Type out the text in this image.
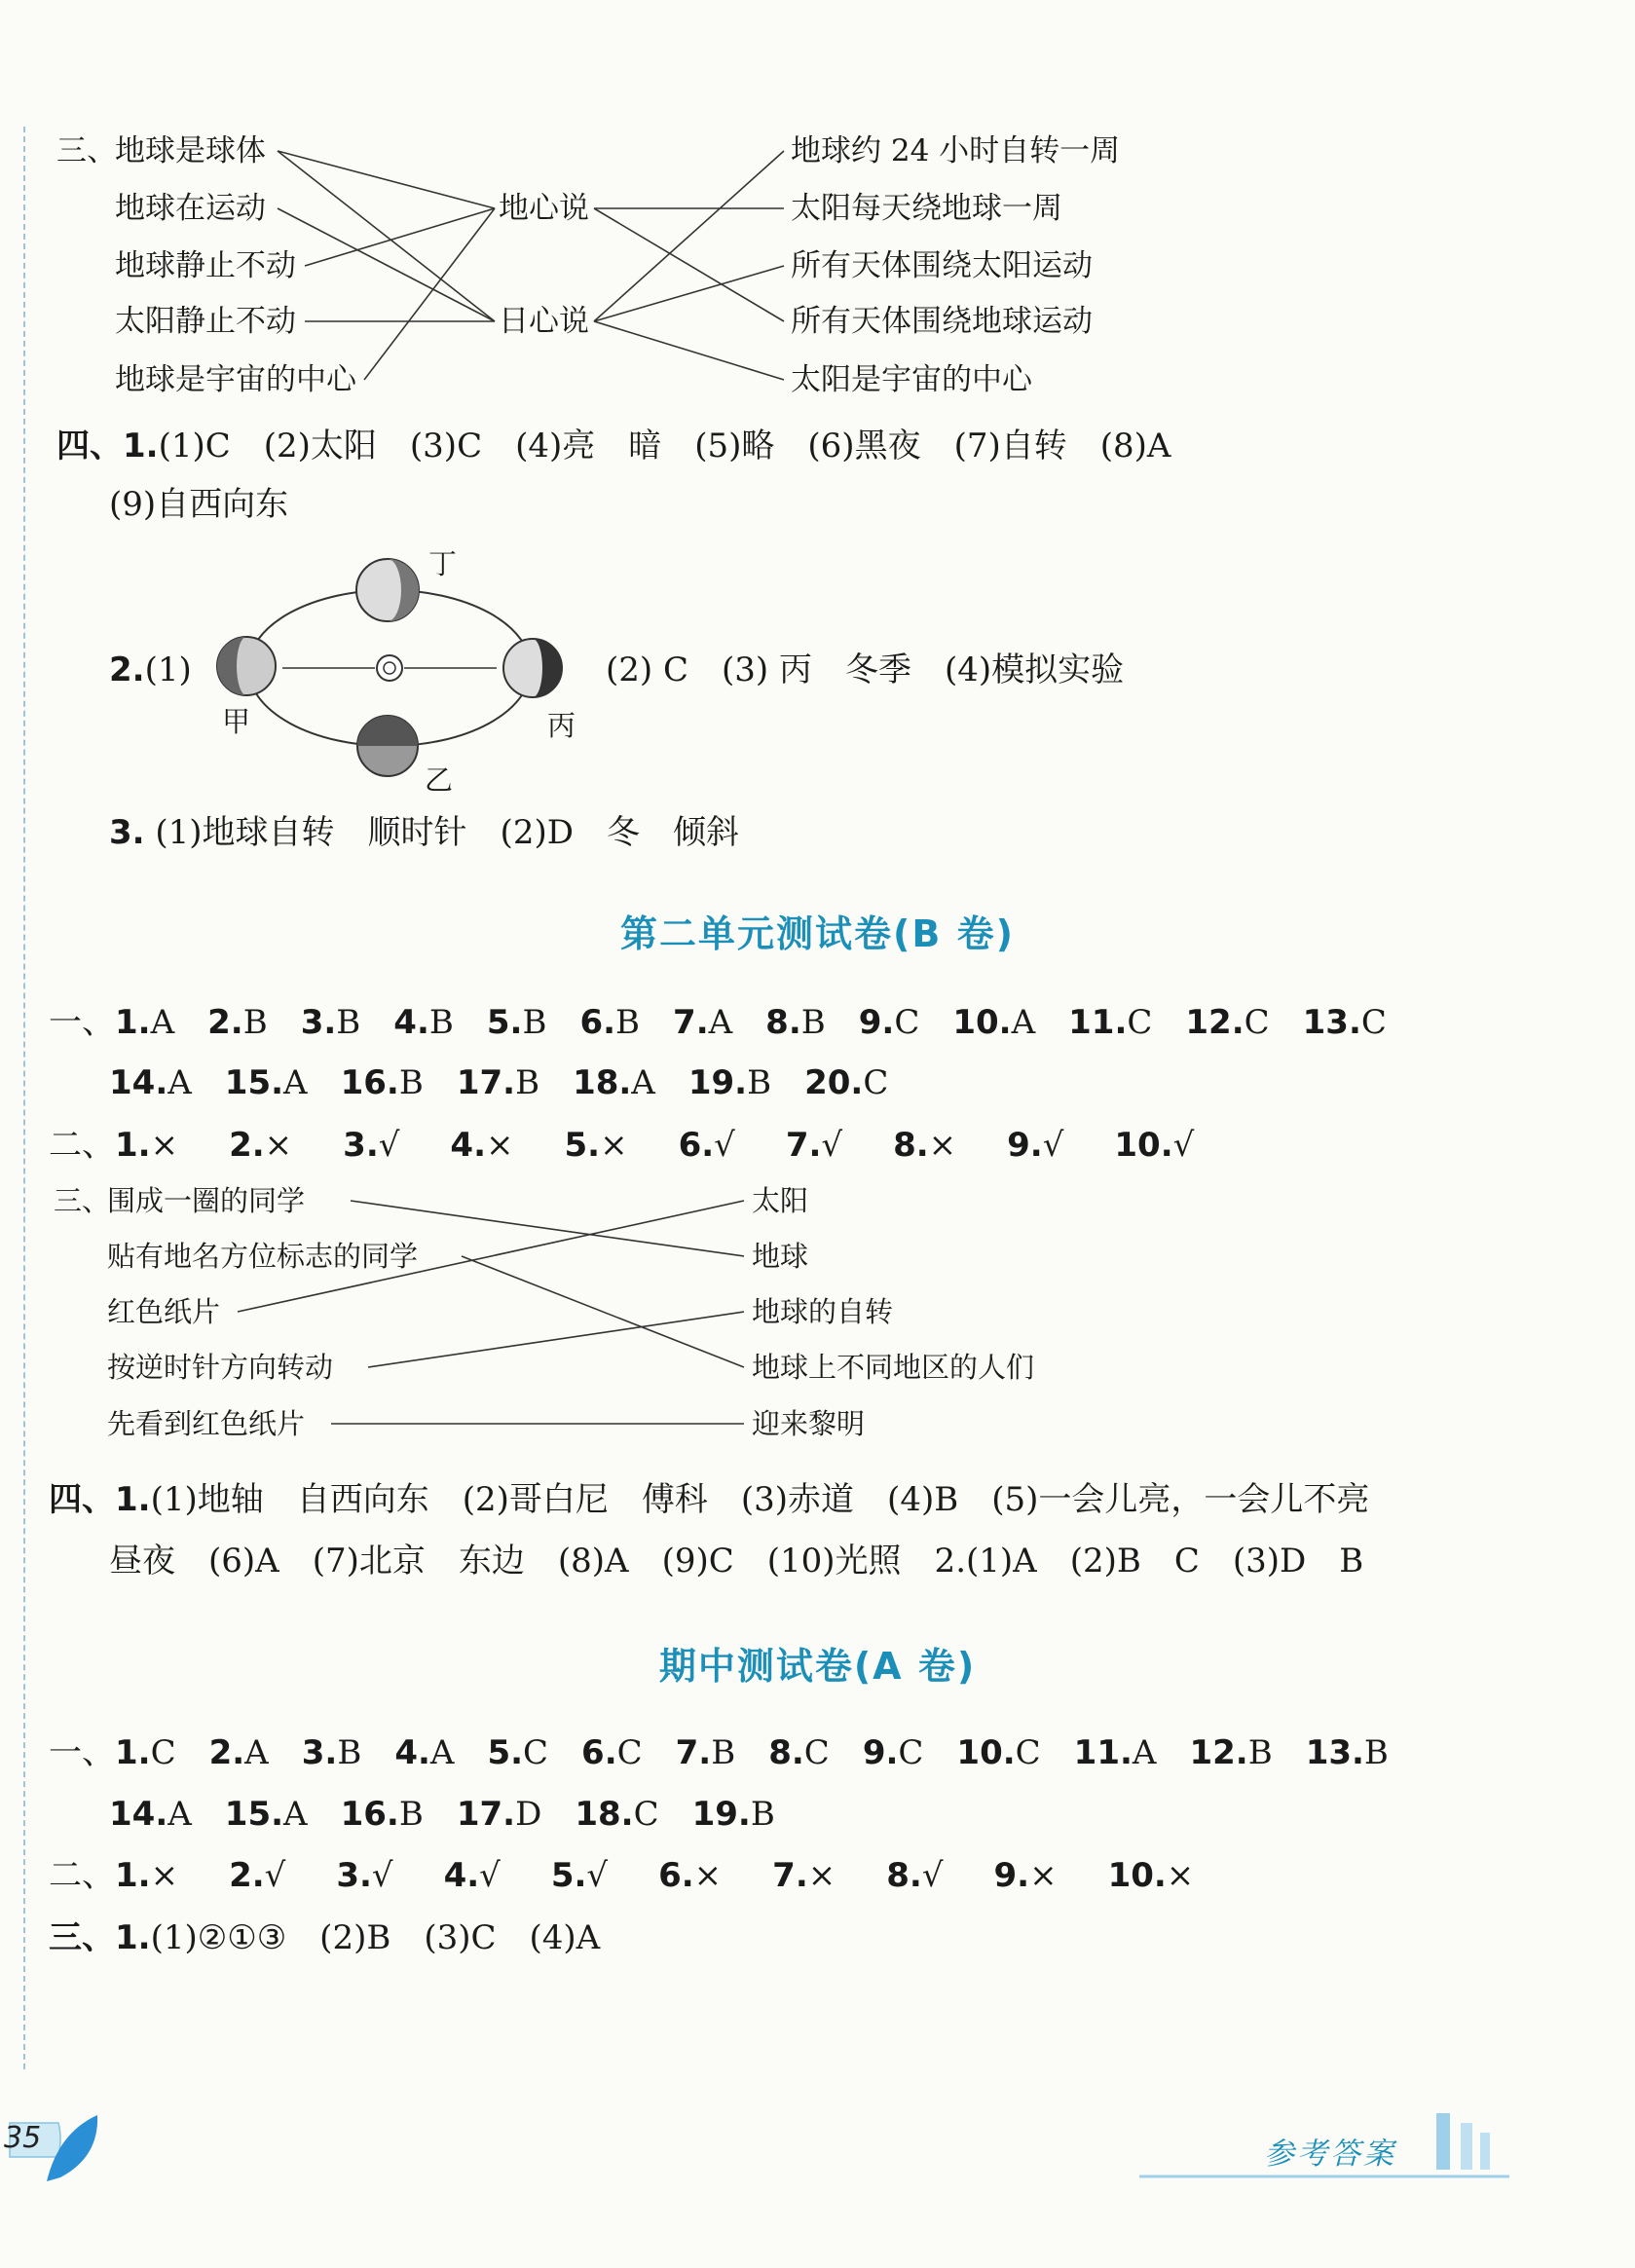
三、
地球是球体
地球在运动
地球静止不动
太阳静止不动
地球是宇宙的中心
地心说
日心说
地球约 24 小时自转一周
太阳每天绕地球一周
所有天体围绕太阳运动
所有天体围绕地球运动
太阳是宇宙的中心
四、1.(1)C　(2)太阳　(3)C　(4)亮　暗　(5)略　(6)黑夜　(7)自转　(8)A
(9)自西向东
2.(1)	(2) C　(3) 丙　冬季　(4)模拟实验
丁
甲
乙
丙
3. (1)地球自转　顺时针　(2)D　冬　倾斜
第二单元测试卷(B 卷)
一、1.A 2.B 3.B 4.B 5.B 6.B 7.A 8.B 9.C 10.A 11.C 12.C 13.C
14.A 15.A 16.B 17.B 18.A 19.B 20.C
二、1.× 2.× 3.√ 4.× 5.× 6.√ 7.√ 8.× 9.√ 10.√
三、
围成一圈的同学
贴有地名方位标志的同学
红色纸片
按逆时针方向转动
先看到红色纸片
太阳
地球
地球的自转
地球上不同地区的人们
迎来黎明
四、1.(1)地轴　自西向东　(2)哥白尼　傅科　(3)赤道　(4)B　(5)一会儿亮，一会儿不亮
昼夜　(6)A　(7)北京　东边　(8)A　(9)C　(10)光照　2.(1)A　(2)B　C　(3)D　B
期中测试卷(A 卷)
一、1.C 2.A 3.B 4.A 5.C 6.C 7.B 8.C 9.C 10.C 11.A 12.B 13.B
14.A 15.A 16.B 17.D 18.C 19.B
二、1.× 2.√ 3.√ 4.√ 5.√ 6.× 7.× 8.√ 9.× 10.×
三、1.(1)②①③　(2)B　(3)C　(4)A
35	参考答案
